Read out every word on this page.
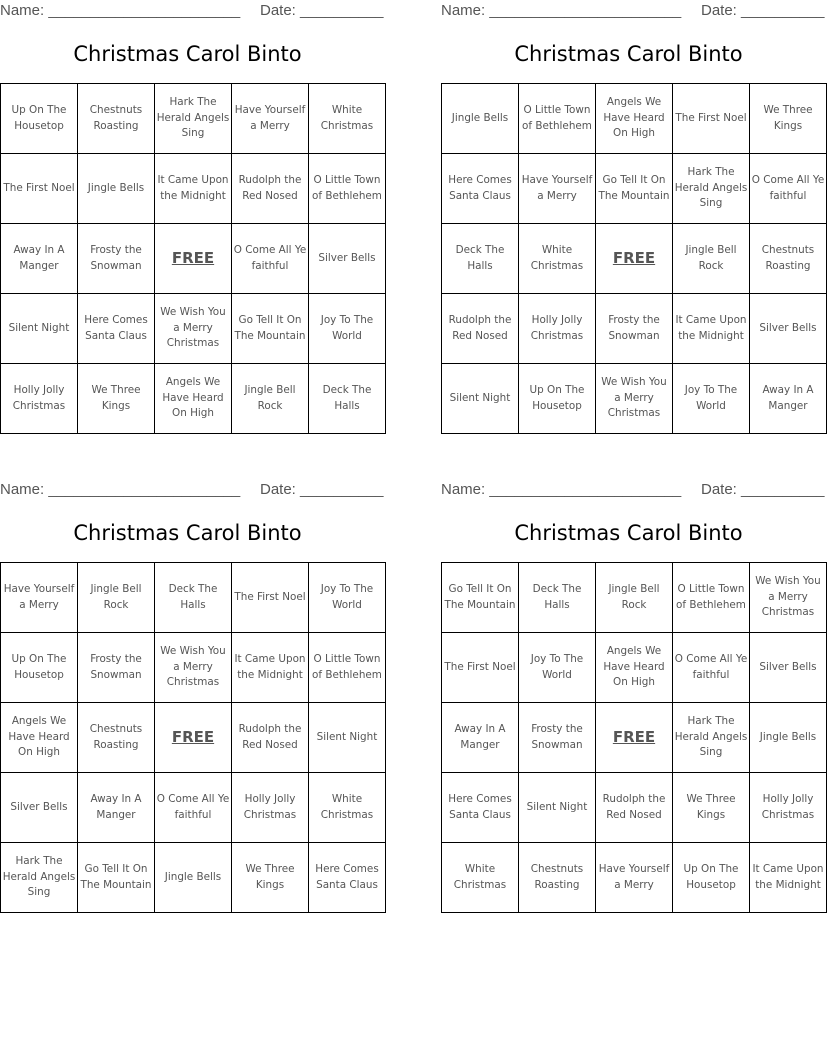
Name: _______________________ Date: __________
Christmas Carol Binto
Up On The Housetop	Chestnuts Roasting	Hark The Herald Angels Sing	Have Yourself a Merry	White Christmas
The First Noel	Jingle Bells	It Came Upon the Midnight	Rudolph the Red Nosed	O Little Town of Bethlehem
Away In A Manger	Frosty the Snowman	FREE	O Come All Ye faithful	Silver Bells
Silent Night	Here Comes Santa Claus	We Wish You a Merry Christmas	Go Tell It On The Mountain	Joy To The World
Holly Jolly Christmas	We Three Kings	Angels We Have Heard On High	Jingle Bell Rock	Deck The Halls
Name: _______________________ Date: __________
Christmas Carol Binto
Jingle Bells	O Little Town of Bethlehem	Angels We Have Heard On High	The First Noel	We Three Kings
Here Comes Santa Claus	Have Yourself a Merry	Go Tell It On The Mountain	Hark The Herald Angels Sing	O Come All Ye faithful
Deck The Halls	White Christmas	FREE	Jingle Bell Rock	Chestnuts Roasting
Rudolph the Red Nosed	Holly Jolly Christmas	Frosty the Snowman	It Came Upon the Midnight	Silver Bells
Silent Night	Up On The Housetop	We Wish You a Merry Christmas	Joy To The World	Away In A Manger
Name: _______________________ Date: __________
Christmas Carol Binto
Have Yourself a Merry	Jingle Bell Rock	Deck The Halls	The First Noel	Joy To The World
Up On The Housetop	Frosty the Snowman	We Wish You a Merry Christmas	It Came Upon the Midnight	O Little Town of Bethlehem
Angels We Have Heard On High	Chestnuts Roasting	FREE	Rudolph the Red Nosed	Silent Night
Silver Bells	Away In A Manger	O Come All Ye faithful	Holly Jolly Christmas	White Christmas
Hark The Herald Angels Sing	Go Tell It On The Mountain	Jingle Bells	We Three Kings	Here Comes Santa Claus
Name: _______________________ Date: __________
Christmas Carol Binto
Go Tell It On The Mountain	Deck The Halls	Jingle Bell Rock	O Little Town of Bethlehem	We Wish You a Merry Christmas
The First Noel	Joy To The World	Angels We Have Heard On High	O Come All Ye faithful	Silver Bells
Away In A Manger	Frosty the Snowman	FREE	Hark The Herald Angels Sing	Jingle Bells
Here Comes Santa Claus	Silent Night	Rudolph the Red Nosed	We Three Kings	Holly Jolly Christmas
White Christmas	Chestnuts Roasting	Have Yourself a Merry	Up On The Housetop	It Came Upon the Midnight
